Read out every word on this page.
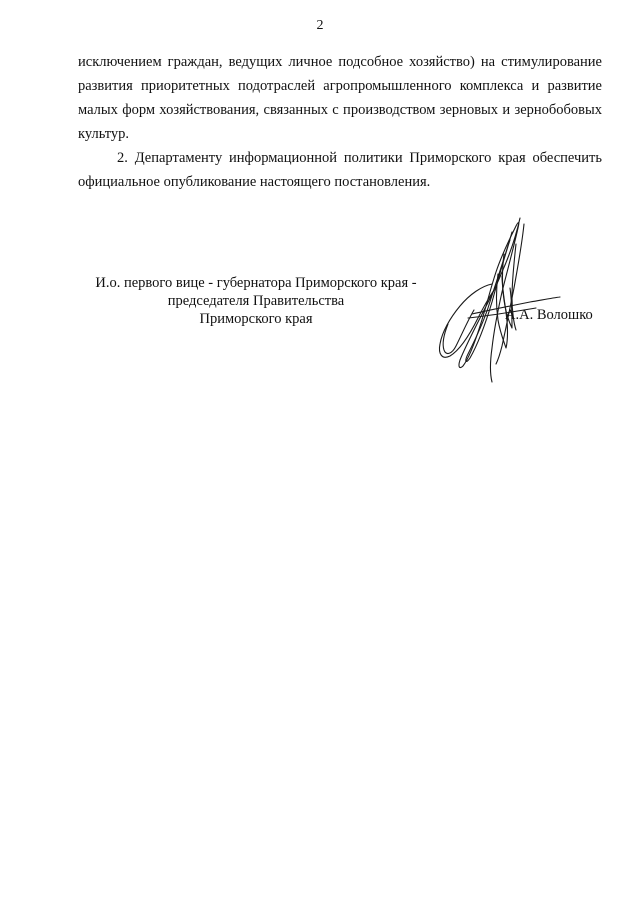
2

исключением граждан, ведущих личное подсобное хозяйство) на стимулирование развития приоритетных подотраслей агропромышленного комплекса и развитие малых форм хозяйствования, связанных с производством зерновых и зернобобовых культур.

2. Департаменту информационной политики Приморского края обеспечить официальное опубликование настоящего постановления.

И.о. первого вице - губернатора Приморского края -
председателя Правительства
Приморского края	А.А. Волошко
